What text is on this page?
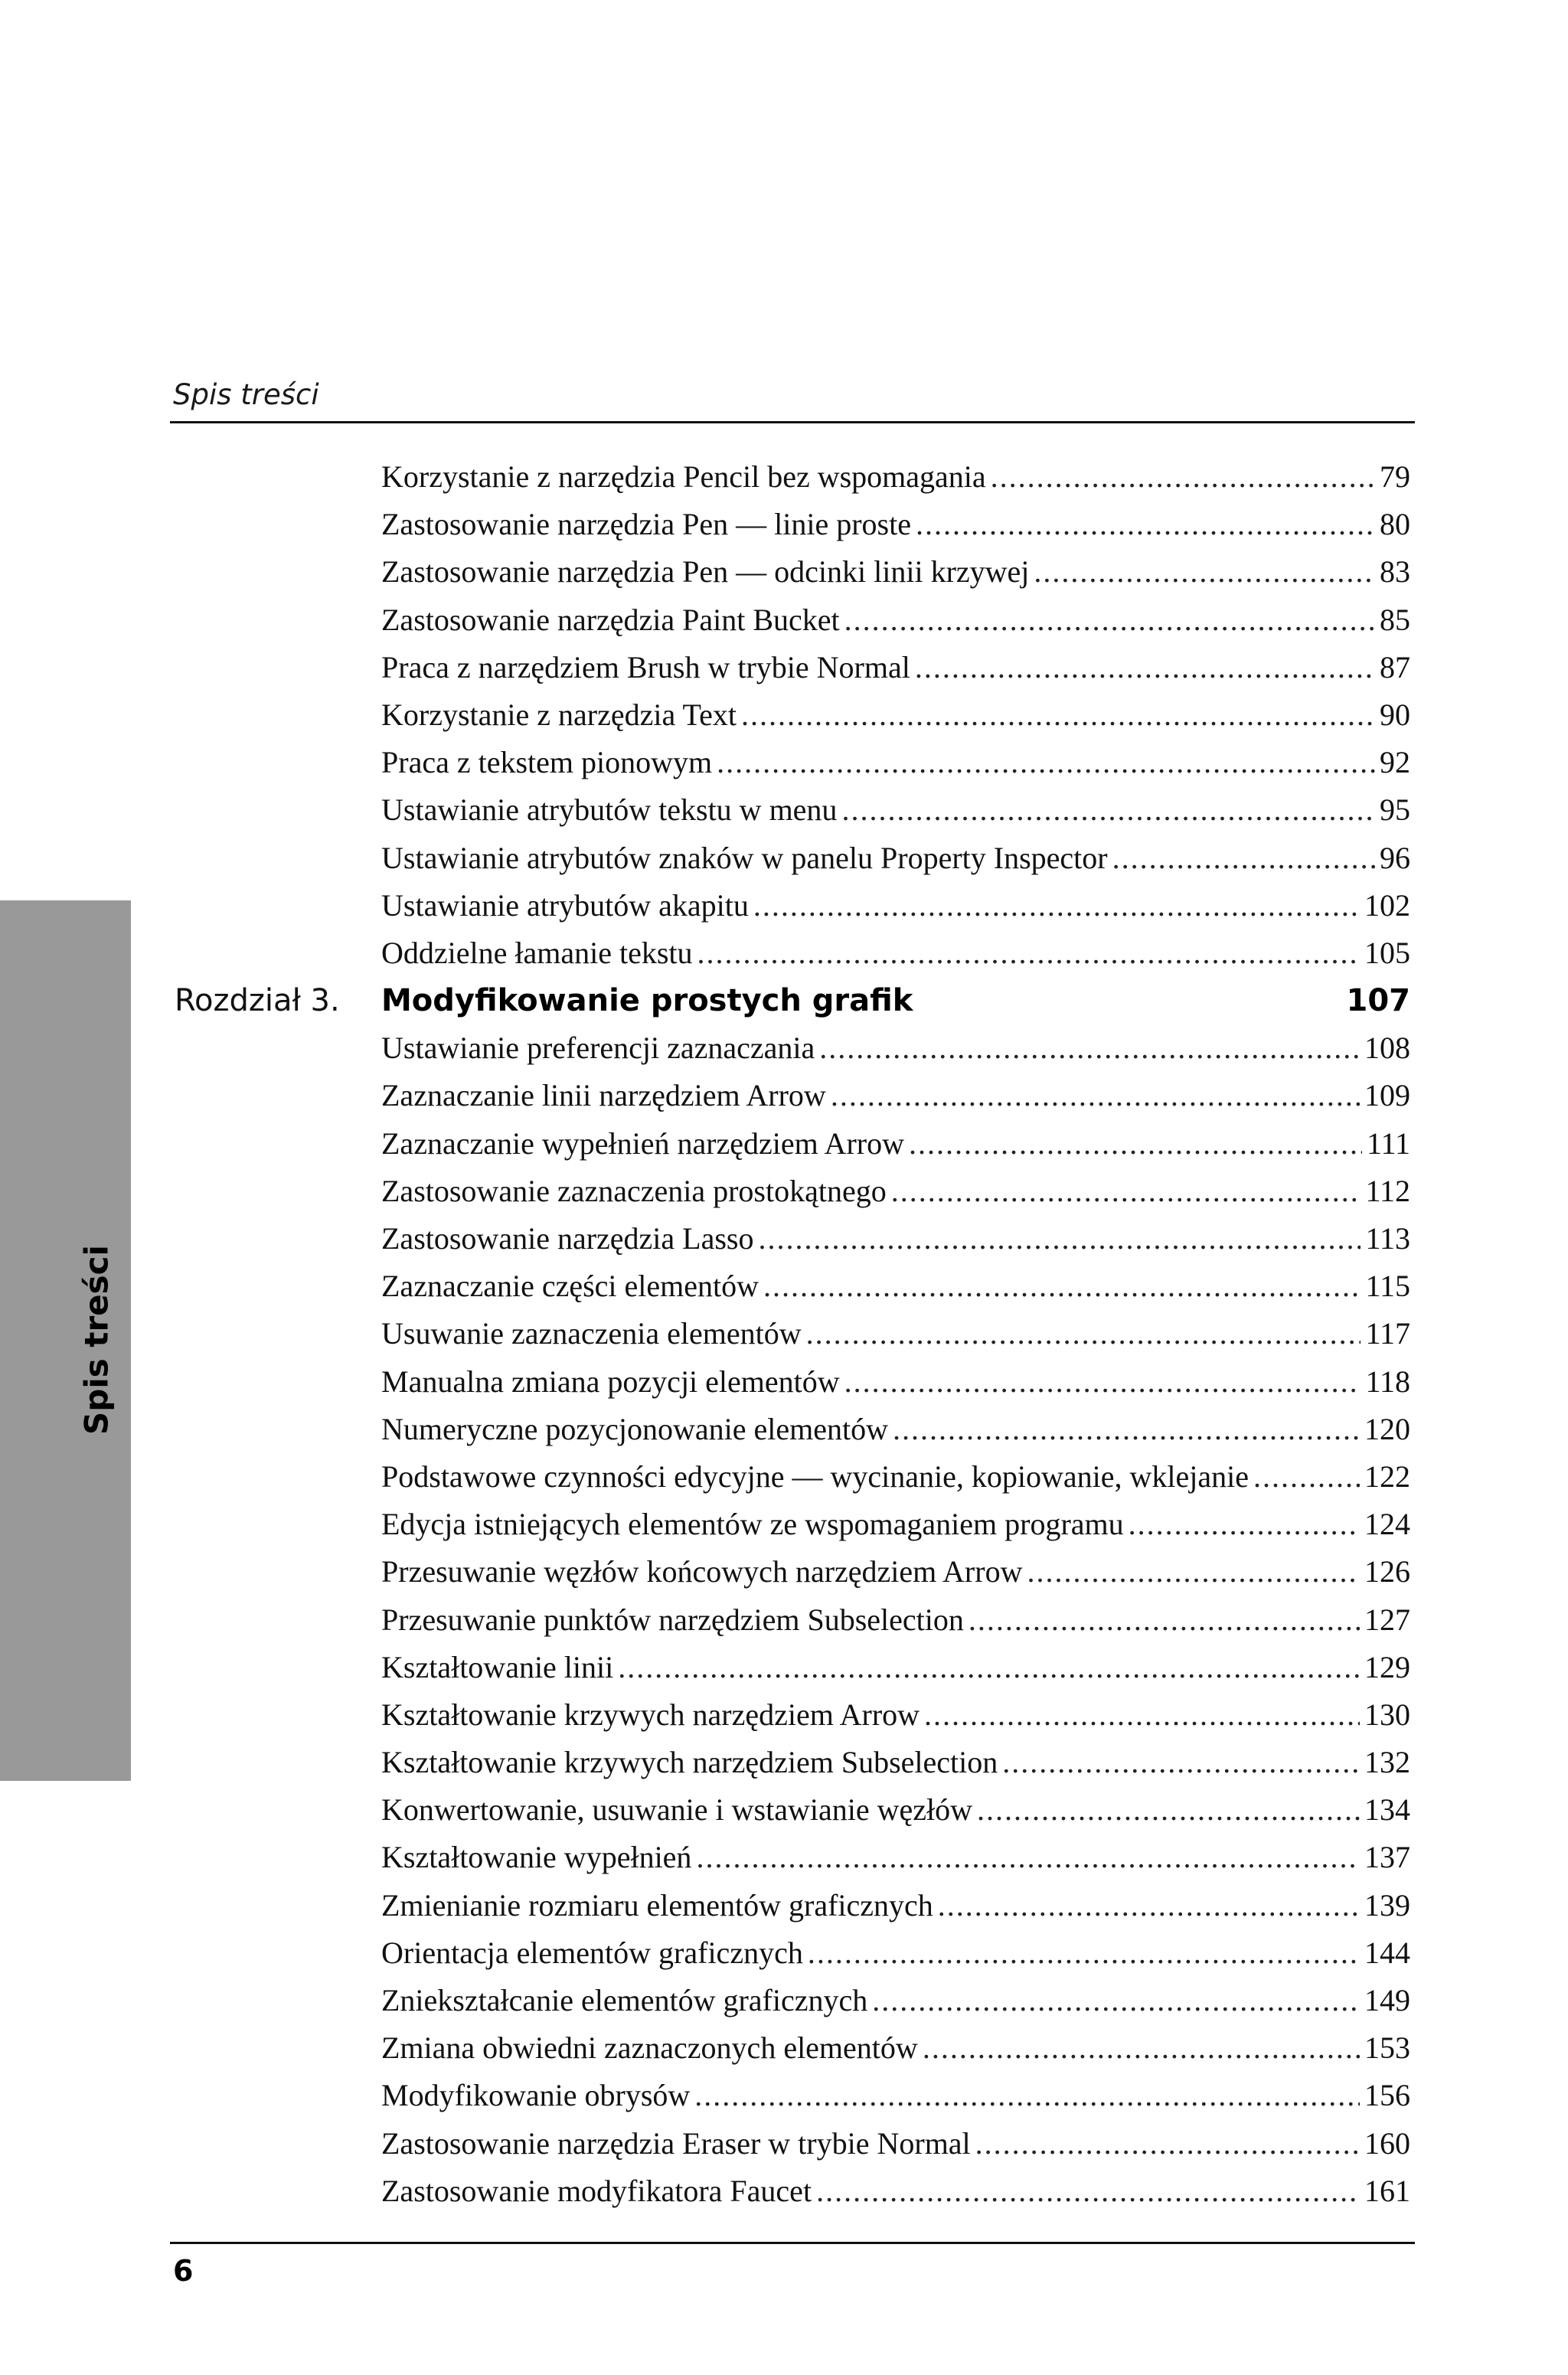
Spis treści
Spis treści
Korzystanie z narzędzia Pencil bez wspomagania .....	79
Zastosowanie narzędzia Pen — linie proste .....	80
Zastosowanie narzędzia Pen — odcinki linii krzywej .....	83
Zastosowanie narzędzia Paint Bucket .....	85
Praca z narzędziem Brush w trybie Normal .....	87
Korzystanie z narzędzia Text .....	90
Praca z tekstem pionowym .....	92
Ustawianie atrybutów tekstu w menu .....	95
Ustawianie atrybutów znaków w panelu Property Inspector .....	96
Ustawianie atrybutów akapitu .....	102
Oddzielne łamanie tekstu .....	105
Rozdział 3.	Modyfikowanie prostych grafik	107
Ustawianie preferencji zaznaczania .....	108
Zaznaczanie linii narzędziem Arrow .....	109
Zaznaczanie wypełnień narzędziem Arrow .....	111
Zastosowanie zaznaczenia prostokątnego .....	112
Zastosowanie narzędzia Lasso .....	113
Zaznaczanie części elementów .....	115
Usuwanie zaznaczenia elementów .....	117
Manualna zmiana pozycji elementów .....	118
Numeryczne pozycjonowanie elementów .....	120
Podstawowe czynności edycyjne — wycinanie, kopiowanie, wklejanie .....	122
Edycja istniejących elementów ze wspomaganiem programu .....	124
Przesuwanie węzłów końcowych narzędziem Arrow .....	126
Przesuwanie punktów narzędziem Subselection .....	127
Kształtowanie linii .....	129
Kształtowanie krzywych narzędziem Arrow .....	130
Kształtowanie krzywych narzędziem Subselection .....	132
Konwertowanie, usuwanie i wstawianie węzłów .....	134
Kształtowanie wypełnień .....	137
Zmienianie rozmiaru elementów graficznych .....	139
Orientacja elementów graficznych .....	144
Zniekształcanie elementów graficznych .....	149
Zmiana obwiedni zaznaczonych elementów .....	153
Modyfikowanie obrysów .....	156
Zastosowanie narzędzia Eraser w trybie Normal .....	160
Zastosowanie modyfikatora Faucet .....	161
6
